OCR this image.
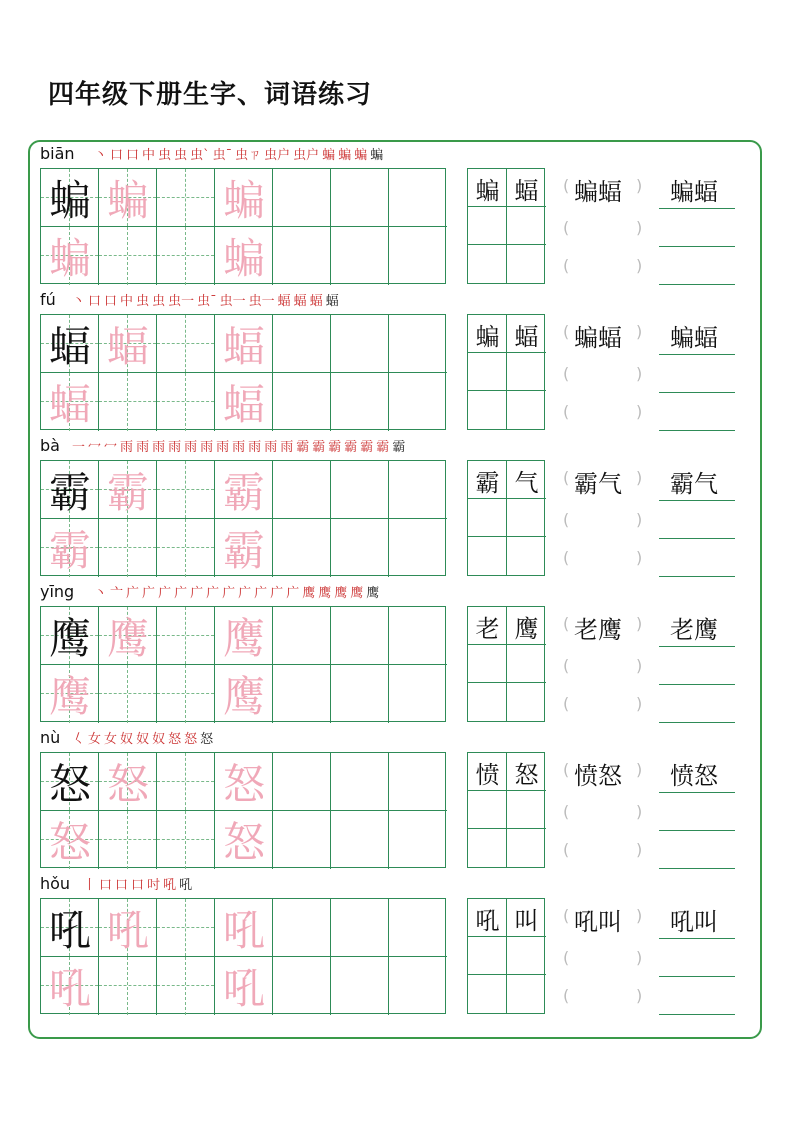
四年级下册生字、词语练习
biān 丶 口 口 中 虫 虫 虫` 虫¯ 虫ㄗ 虫户 虫户 蝙 蝙 蝙 蝙
蝙 蝙 蝙
蝙	蝙
蝙 蝠	蝙蝠
(	)
(	)
(	)
蝙蝠
fú 丶 口 口 中 虫 虫 虫一 虫¯ 虫一 虫一 蝠 蝠 蝠 蝠
蝠 蝠 蝠
蝠	蝠
蝙 蝠	蝙蝠
(	)
(	)
(	)
蝙蝠
bà 一 冖 冖 雨 雨 雨 雨 雨 雨 雨 雨 雨 雨 雨 霸 霸 霸 霸 霸 霸 霸
霸 霸 霸
霸	霸
霸 气	霸气
(	)
(	)
(	)
霸气
yīng 丶 亠 广 广 广 广 广 广 广 广 广 广 广 鹰 鹰 鹰 鹰 鹰
鹰 鹰 鹰
鹰	鹰
老 鹰	老鹰
(	)
(	)
(	)
老鹰
nù 𡿨 女 女 奴 奴 奴 怒 怒 怒
怒 怒 怒
怒	怒
愤 怒	愤怒
(	)
(	)
(	)
愤怒
hǒu 丨 口 口 口 吋 吼 吼
吼 吼 吼
吼	吼
吼 叫	吼叫
(	)
(	)
(	)
吼叫
